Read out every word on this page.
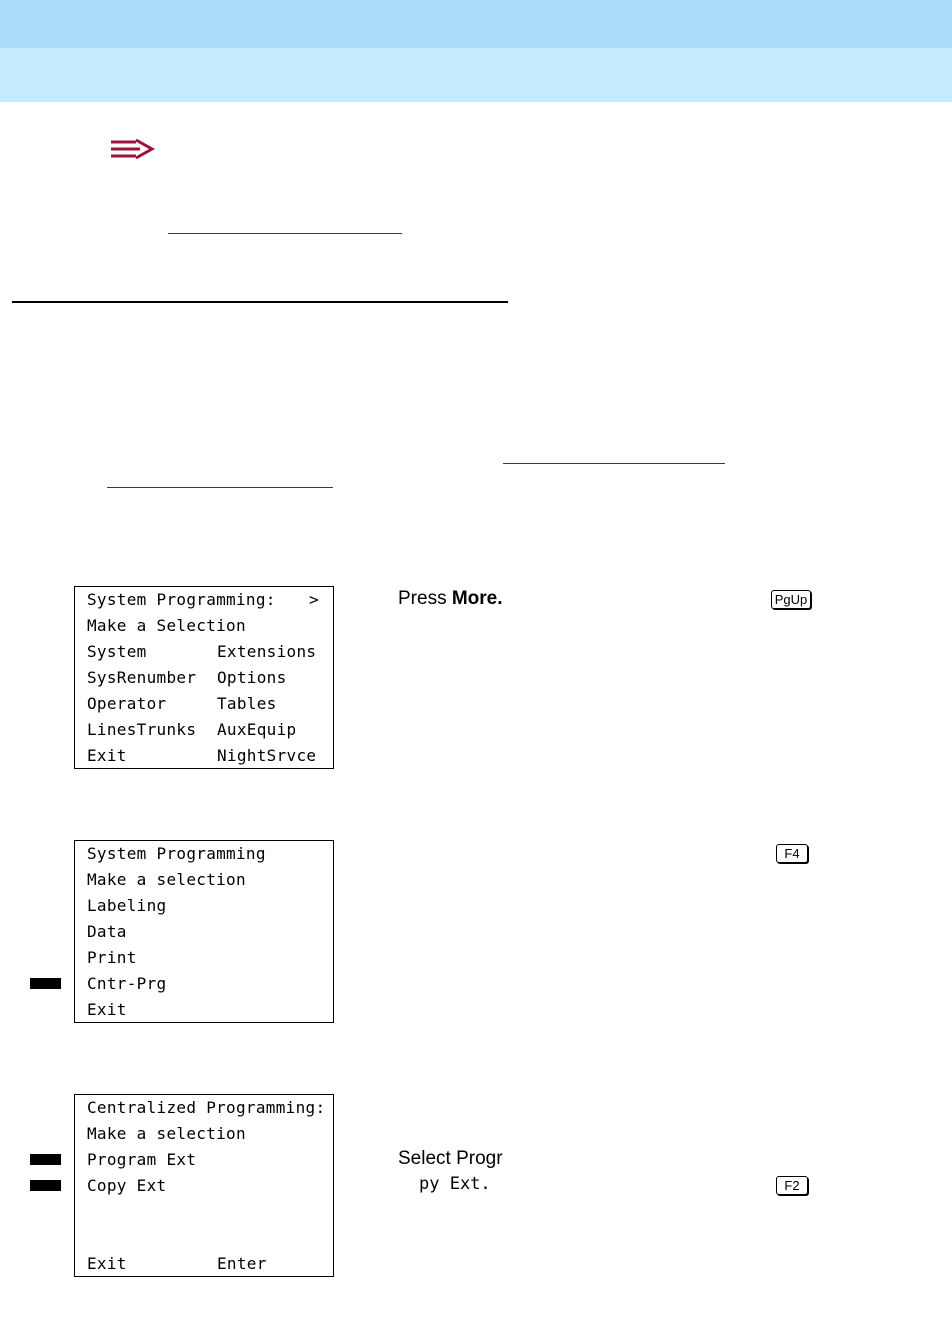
System Programming: >
Make a Selection
System	Extensions
SysRenumber Options
Operator	Tables
LinesTrunks AuxEquip
Exit	NightSrvce
System Programming
Make a selection
Labeling
Data
Print
Cntr-Prg
Exit
Centralized Programming:
Make a selection
Program Ext
Copy Ext
Exit	Enter
Press More.
Select Progr
py Ext.
PgUp
F4
F2
